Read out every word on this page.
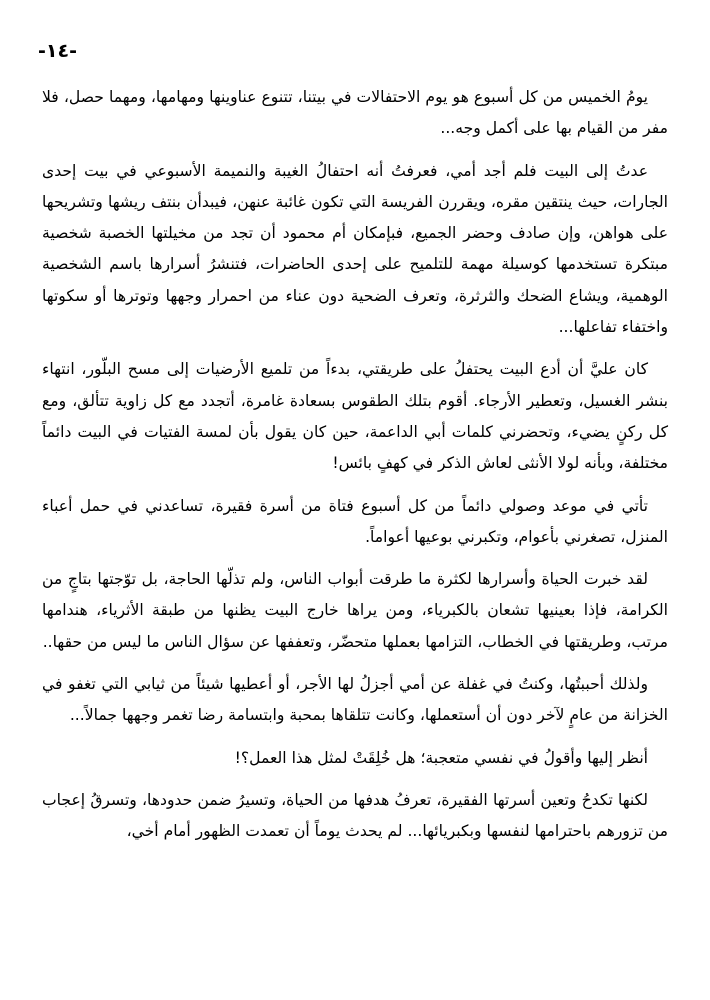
-١٤-

يومُ الخميس من كل أسبوع هو يوم الاحتفالات في بيتنا، تتنوع عناوينها ومهامها، ومهما حصل، فلا مفر من القيام بها على أكمل وجه...

عدتُ إلى البيت فلم أجد أمي، فعرفتُ أنه احتفالُ الغيبة والنميمة الأسبوعي في بيت إحدى الجارات، حيث ينتقين مقره، ويقررن الفريسة التي تكون غائبة عنهن، فيبدأن بنتف ريشها وتشريحها على هواهن، وإن صادف وحضر الجميع، فبإمكان أم محمود أن تجد من مخيلتها الخصبة شخصية مبتكرة تستخدمها كوسيلة مهمة للتلميح على إحدى الحاضرات، فتنشرُ أسرارها باسم الشخصية الوهمية، ويشاع الضحك والثرثرة، وتعرف الضحية دون عناء من احمرار وجهها وتوترها أو سكوتها واختفاء تفاعلها...

كان عليَّ أن أدع البيت يحتفلُ على طريقتي، بدءاً من تلميع الأرضيات إلى مسح البلّور، انتهاء بنشر الغسيل، وتعطير الأرجاء. أقوم بتلك الطقوس بسعادة غامرة، أتجدد مع كل زاوية تتألق، ومع كل ركنٍ يضيء، وتحضرني كلمات أبي الداعمة، حين كان يقول بأن لمسة الفتيات في البيت دائماً مختلفة، وبأنه لولا الأنثى لعاش الذكر في كهفٍ بائس!

تأتي في موعد وصولي دائماً من كل أسبوع فتاة من أسرة فقيرة، تساعدني في حمل أعباء المنزل، تصغرني بأعوام، وتكبرني بوعيها أعواماً.

لقد خبرت الحياة وأسرارها لكثرة ما طرقت أبواب الناس، ولم تذلّها الحاجة، بل توّجتها بتاجٍ من الكرامة، فإذا بعينيها تشعان بالكبرياء، ومن يراها خارج البيت يظنها من طبقة الأثرياء، هندامها مرتب، وطريقتها في الخطاب، التزامها بعملها متحضّر، وتعففها عن سؤال الناس ما ليس من حقها..

ولذلك أحببتُها، وكنتُ في غفلة عن أمي أجزلُ لها الأجر، أو أعطيها شيئاً من ثيابي التي تغفو في الخزانة من عامٍ لآخر دون أن أستعملها، وكانت تتلقاها بمحبة وابتسامة رضا تغمر وجهها جمالاً...

أنظر إليها وأقولُ في نفسي متعجبة؛ هل خُلِقَتْ لمثل هذا العمل؟!

لكنها تكدحُ وتعين أسرتها الفقيرة، تعرفُ هدفها من الحياة، وتسيرُ ضمن حدودها، وتسرقُ إعجاب من تزورهم باحترامها لنفسها وبكبريائها... لم يحدث يوماً أن تعمدت الظهور أمام أخي،
